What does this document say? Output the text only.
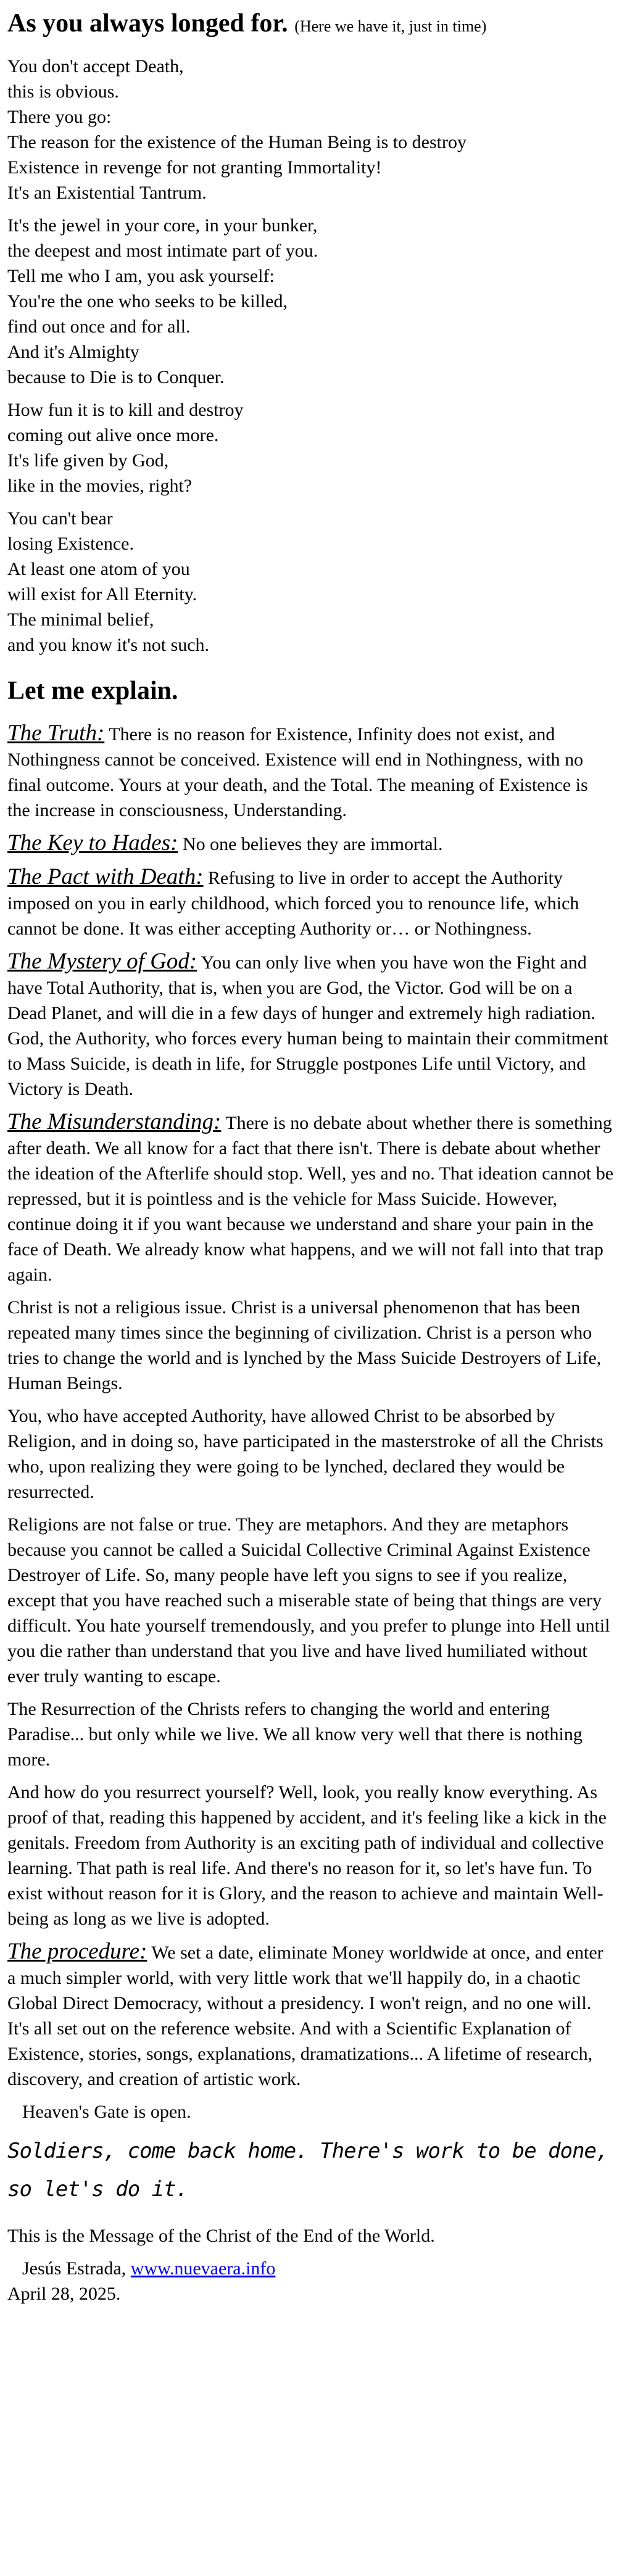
As you always longed for. (Here we have it, just in time)
You don't accept Death,
this is obvious.
There you go:
The reason for the existence of the Human Being is to destroy
Existence in revenge for not granting Immortality!
It's an Existential Tantrum.
It's the jewel in your core, in your bunker,
the deepest and most intimate part of you.
Tell me who I am, you ask yourself:
You're the one who seeks to be killed,
find out once and for all.
And it's Almighty
because to Die is to Conquer.
How fun it is to kill and destroy
coming out alive once more.
It's life given by God,
like in the movies, right?
You can't bear
losing Existence.
At least one atom of you
will exist for All Eternity.
The minimal belief,
and you know it's not such.
Let me explain.

The Truth: There is no reason for Existence, Infinity does not exist, and Nothingness cannot be conceived. Existence will end in Nothingness, with no final outcome. Yours at your death, and the Total. The meaning of Existence is the increase in consciousness, Understanding.

The Key to Hades: No one believes they are immortal.

The Pact with Death: Refusing to live in order to accept the Authority imposed on you in early childhood, which forced you to renounce life, which cannot be done. It was either accepting Authority or… or Nothingness.

The Mystery of God: You can only live when you have won the Fight and have Total Authority, that is, when you are God, the Victor. God will be on a Dead Planet, and will die in a few days of hunger and extremely high radiation. God, the Authority, who forces every human being to maintain their commitment to Mass Suicide, is death in life, for Struggle postpones Life until Victory, and Victory is Death.

The Misunderstanding: There is no debate about whether there is something after death. We all know for a fact that there isn't. There is debate about whether the ideation of the Afterlife should stop. Well, yes and no. That ideation cannot be repressed, but it is pointless and is the vehicle for Mass Suicide. However, continue doing it if you want because we understand and share your pain in the face of Death. We already know what happens, and we will not fall into that trap again.

Christ is not a religious issue. Christ is a universal phenomenon that has been repeated many times since the beginning of civilization. Christ is a person who tries to change the world and is lynched by the Mass Suicide Destroyers of Life, Human Beings.

You, who have accepted Authority, have allowed Christ to be absorbed by Religion, and in doing so, have participated in the masterstroke of all the Christs who, upon realizing they were going to be lynched, declared they would be resurrected.

Religions are not false or true. They are metaphors. And they are metaphors because you cannot be called a Suicidal Collective Criminal Against Existence Destroyer of Life. So, many people have left you signs to see if you realize, except that you have reached such a miserable state of being that things are very difficult. You hate yourself tremendously, and you prefer to plunge into Hell until you die rather than understand that you live and have lived humiliated without ever truly wanting to escape.

The Resurrection of the Christs refers to changing the world and entering Paradise... but only while we live. We all know very well that there is nothing more.

And how do you resurrect yourself? Well, look, you really know everything. As proof of that, reading this happened by accident, and it's feeling like a kick in the genitals. Freedom from Authority is an exciting path of individual and collective learning. That path is real life. And there's no reason for it, so let's have fun. To exist without reason for it is Glory, and the reason to achieve and maintain Well-being as long as we live is adopted.

The procedure: We set a date, eliminate Money worldwide at once, and enter a much simpler world, with very little work that we'll happily do, in a chaotic Global Direct Democracy, without a presidency. I won't reign, and no one will. It's all set out on the reference website. And with a Scientific Explanation of Existence, stories, songs, explanations, dramatizations... A lifetime of research, discovery, and creation of artistic work.

Heaven's Gate is open.

Soldiers, come back home. There's work to be done, so let's do it.

This is the Message of the Christ of the End of the World.

Jesús Estrada, www.nuevaera.info
April 28, 2025.
